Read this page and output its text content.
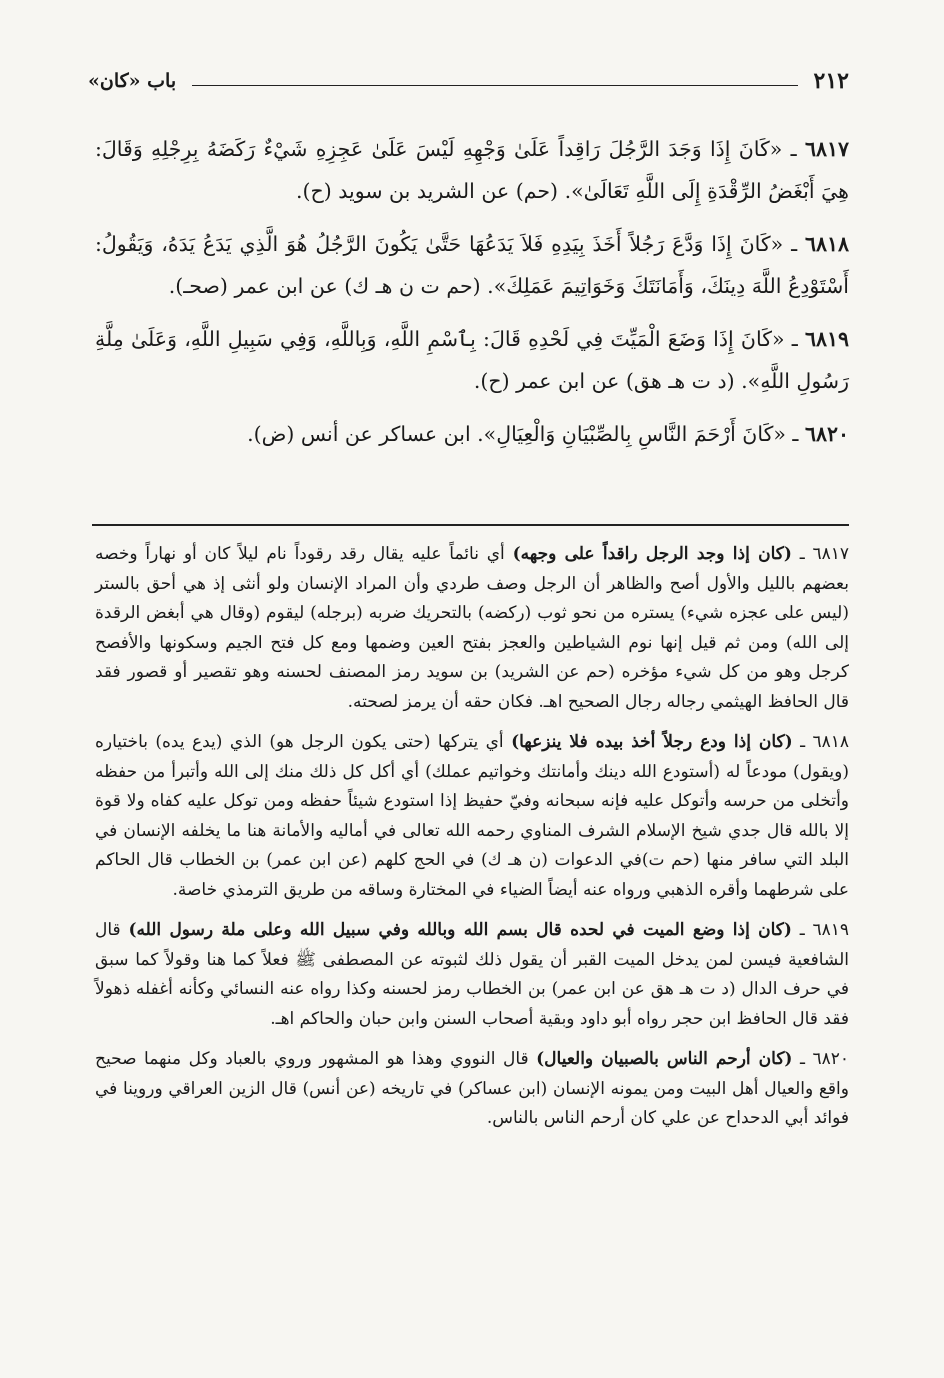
٢١٢
باب «كان»

٦٨١٧ ـ «كَانَ إِذَا وَجَدَ الرَّجُلَ رَاقِداً عَلَىٰ وَجْهِهِ لَيْسَ عَلَىٰ عَجِزِهِ شَيْءٌ رَكَضَهُ بِرِجْلِهِ وَقَالَ: هِيَ أَبْغَضُ الرِّقْدَةِ إِلَى اللَّهِ تَعَالَىٰ». (حم) عن الشريد بن سويد (ح).

٦٨١٨ ـ «كَانَ إِذَا وَدَّعَ رَجُلاً أَخَذَ بِيَدِهِ فَلاَ يَدَعُهَا حَتَّىٰ يَكُونَ الرَّجُلُ هُوَ الَّذِي يَدَعُ يَدَهُ، وَيَقُولُ: أَسْتَوْدِعُ اللَّهَ دِينَكَ، وَأَمَانَتَكَ وَخَوَاتِيمَ عَمَلِكَ». (حم ت ن هـ ك) عن ابن عمر (صحـ).

٦٨١٩ ـ «كَانَ إِذَا وَضَعَ الْمَيِّتَ فِي لَحْدِهِ قَالَ: بِٱسْمِ اللَّهِ، وَبِاللَّهِ، وَفِي سَبِيلِ اللَّهِ، وَعَلَىٰ مِلَّةِ رَسُولِ اللَّهِ». (د ت هـ هق) عن ابن عمر (ح).

٦٨٢٠ ـ «كَانَ أَرْحَمَ النَّاسِ بِالصِّبْيَانِ وَالْعِيَالِ». ابن عساكر عن أنس (ض).

٦٨١٧ ـ (كان إذا وجد الرجل راقداً على وجهه) أي نائماً عليه يقال رقد رقوداً نام ليلاً كان أو نهاراً وخصه بعضهم بالليل والأول أصح والظاهر أن الرجل وصف طردي وأن المراد الإنسان ولو أنثى إذ هي أحق بالستر (ليس على عجزه شيء) يستره من نحو ثوب (ركضه) بالتحريك ضربه (برجله) ليقوم (وقال هي أبغض الرقدة إلى الله) ومن ثم قيل إنها نوم الشياطين والعجز بفتح العين وضمها ومع كل فتح الجيم وسكونها والأفصح كرجل وهو من كل شيء مؤخره (حم عن الشريد) بن سويد رمز المصنف لحسنه وهو تقصير أو قصور فقد قال الحافظ الهيثمي رجاله رجال الصحيح اهـ. فكان حقه أن يرمز لصحته.

٦٨١٨ ـ (كان إذا ودع رجلاً أخذ بيده فلا ينزعها) أي يتركها (حتى يكون الرجل هو) الذي (يدع يده) باختياره (ويقول) مودعاً له (أستودع الله دينك وأمانتك وخواتيم عملك) أي أكل كل ذلك منك إلى الله وأتبرأ من حفظه وأتخلى من حرسه وأتوكل عليه فإنه سبحانه وفيّ حفيظ إذا استودع شيئاً حفظه ومن توكل عليه كفاه ولا قوة إلا بالله قال جدي شيخ الإسلام الشرف المناوي رحمه الله تعالى في أماليه والأمانة هنا ما يخلفه الإنسان في البلد التي سافر منها (حم ت)في الدعوات (ن هـ ك) في الحج كلهم (عن ابن عمر) بن الخطاب قال الحاكم على شرطهما وأقره الذهبي ورواه عنه أيضاً الضياء في المختارة وساقه من طريق الترمذي خاصة.

٦٨١٩ ـ (كان إذا وضع الميت في لحده قال بسم الله وبالله وفي سبيل الله وعلى ملة رسول الله) قال الشافعية فيسن لمن يدخل الميت القبر أن يقول ذلك لثبوته عن المصطفى ﷺ فعلاً كما هنا وقولاً كما سبق في حرف الدال (د ت هـ هق عن ابن عمر) بن الخطاب رمز لحسنه وكذا رواه عنه النسائي وكأنه أغفله ذهولاً فقد قال الحافظ ابن حجر رواه أبو داود وبقية أصحاب السنن وابن حبان والحاكم اهـ.

٦٨٢٠ ـ (كان أرحم الناس بالصبيان والعيال) قال النووي وهذا هو المشهور وروي بالعباد وكل منهما صحيح واقع والعيال أهل البيت ومن يمونه الإنسان (ابن عساكر) في تاريخه (عن أنس) قال الزين العراقي وروينا في فوائد أبي الدحداح عن علي كان أرحم الناس بالناس.
